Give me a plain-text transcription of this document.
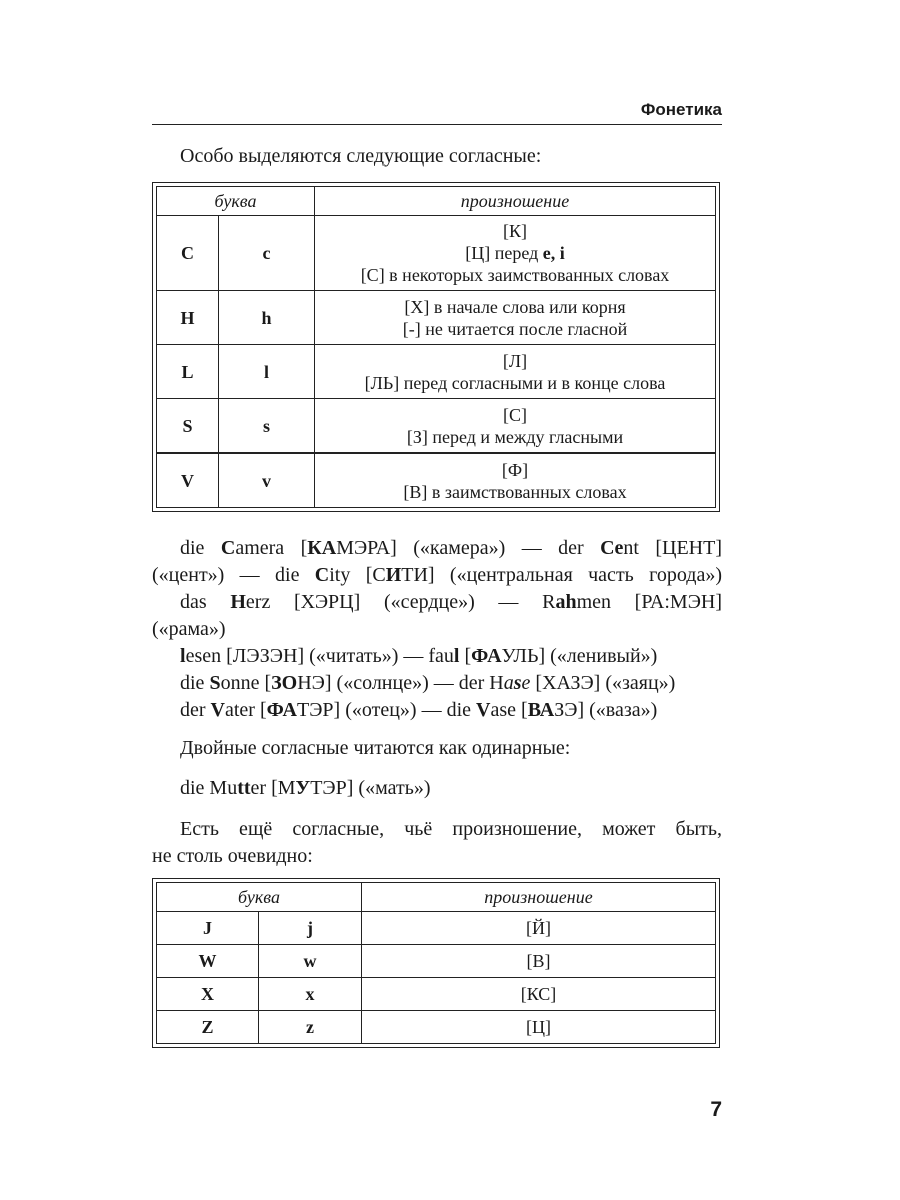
Фонетика
Особо выделяются следующие согласные:
буква		произношение
C	c	[К]
[Ц] перед e, i
[С] в некоторых заимствованных словах

H	h	[Х] в начале слова или корня
[-] не читается после гласной

L	l	[Л]
[ЛЬ] перед согласными и в конце слова

S	s	[С]
[З] перед и между гласными

V	v	[Ф]
[В] в заимствованных словах
die Camera [КАМЭРА] («камера») — der Cent [ЦЕНТ]
(«цент») — die City [СИТИ] («центральная часть города»)
das Herz [ХЭРЦ] («сердце») — Rahmen [РА:МЭН]
(«рама»)
lesen [ЛЭЗЭН] («читать») — faul [ФАУЛЬ] («ленивый»)
die Sonne [ЗОНЭ] («солнце») — der Hase [ХАЗЭ] («заяц»)
der Vater [ФАТЭР] («отец») — die Vase [ВАЗЭ] («ваза»)
Двойные согласные читаются как одинарные:
die Mutter [МУТЭР] («мать»)
Есть ещё согласные, чьё произношение, может быть,
не столь очевидно:
буква		произношение
J	j	[Й]
W	w	[В]
X	x	[КС]
Z	z	[Ц]
7
